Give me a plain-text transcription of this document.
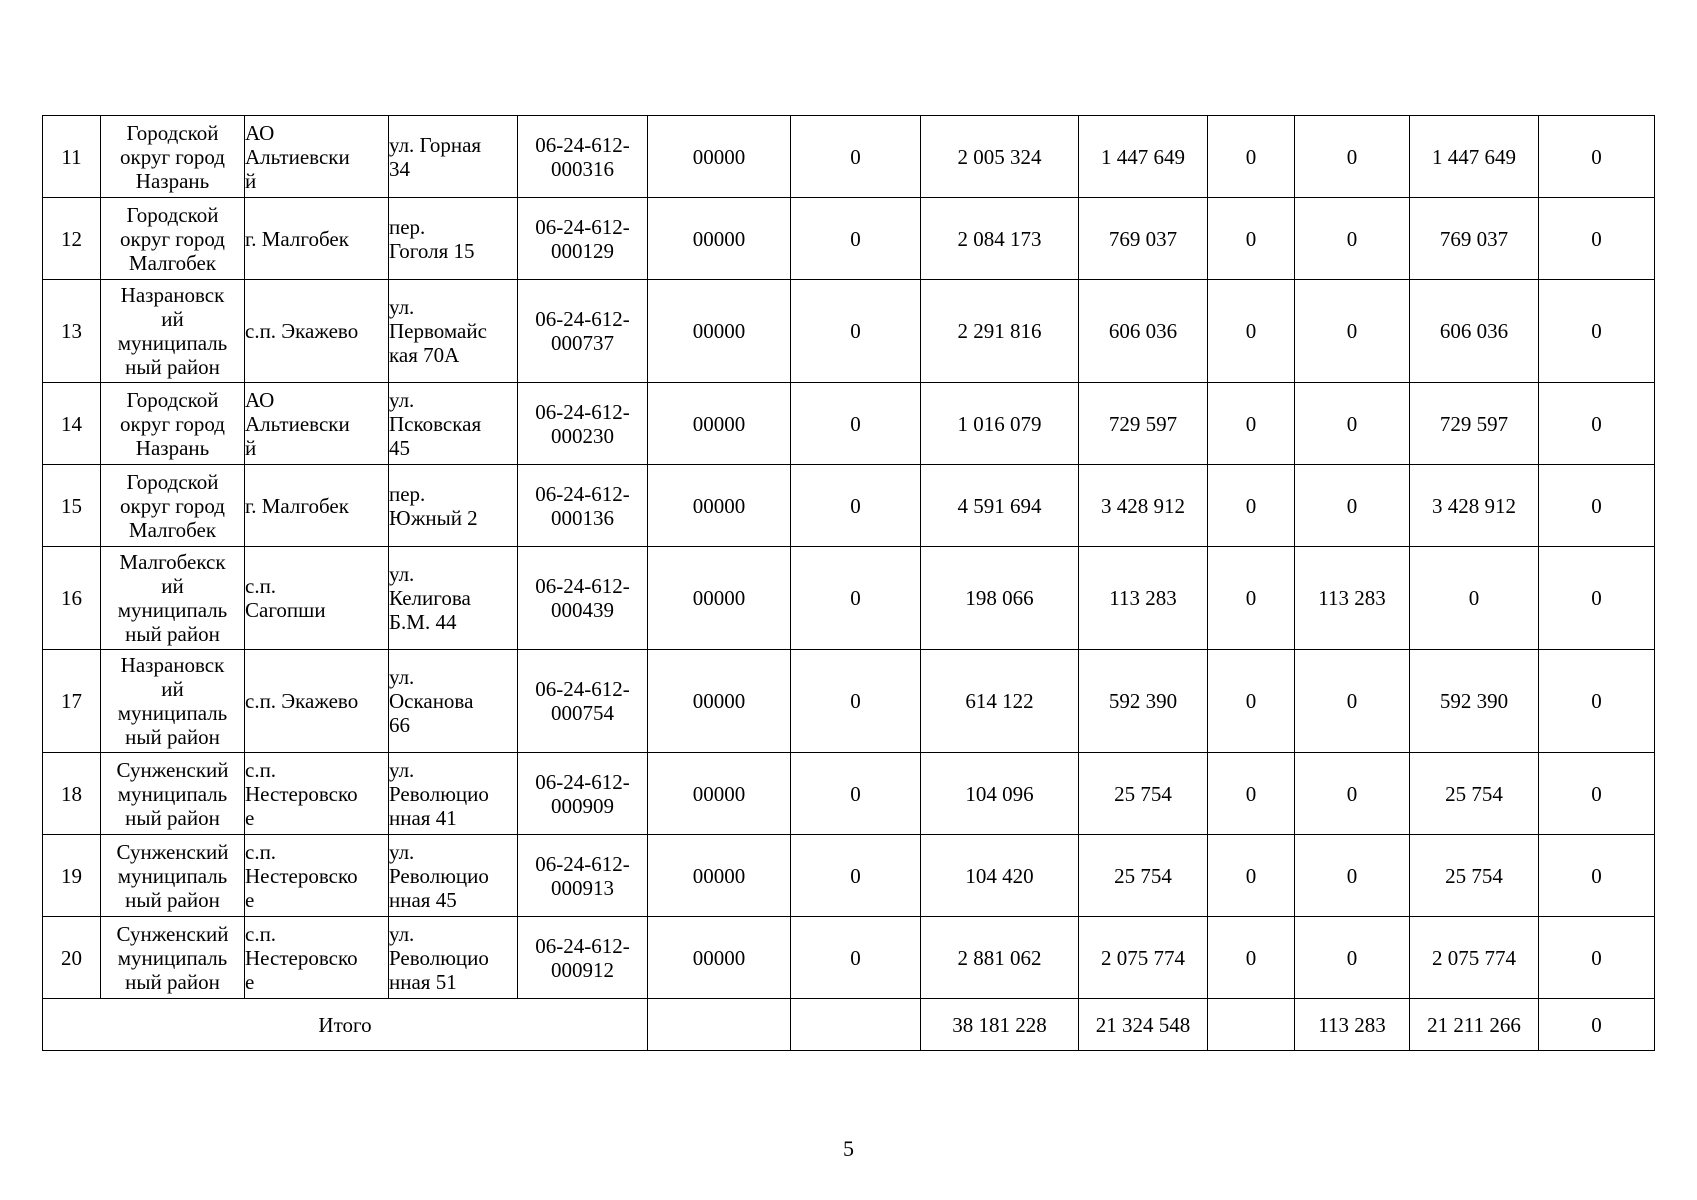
11	Городской
округ город
Назрань	АО
Альтиевски
й	ул. Горная
34	06-24-612-
000316	00000	0	2 005 324	1 447 649	0	0	1 447 649	0

12	Городской
округ город
Малгобек	г. Малгобек	пер.
Гоголя 15	06-24-612-
000129	00000	0	2 084 173	769 037	0	0	769 037	0

13	Назрановск
ий
муниципаль
ный район	с.п. Экажево	ул.
Первомайс
кая 70А	06-24-612-
000737	00000	0	2 291 816	606 036	0	0	606 036	0

14	Городской
округ город
Назрань	АО
Альтиевски
й	ул.
Псковская
45	06-24-612-
000230	00000	0	1 016 079	729 597	0	0	729 597	0

15	Городской
округ город
Малгобек	г. Малгобек	пер.
Южный 2	06-24-612-
000136	00000	0	4 591 694	3 428 912	0	0	3 428 912	0

16	Малгобекск
ий
муниципаль
ный район	с.п.
Сагопши	ул.
Келигова
Б.М. 44	06-24-612-
000439	00000	0	198 066	113 283	0	113 283	0	0

17	Назрановск
ий
муниципаль
ный район	с.п. Экажево	ул.
Осканова
66	06-24-612-
000754	00000	0	614 122	592 390	0	0	592 390	0

18	Сунженский
муниципаль
ный район	с.п.
Нестеровско
е	ул.
Революцио
нная 41	06-24-612-
000909	00000	0	104 096	25 754	0	0	25 754	0

19	Сунженский
муниципаль
ный район	с.п.
Нестеровско
е	ул.
Революцио
нная 45	06-24-612-
000913	00000	0	104 420	25 754	0	0	25 754	0

20	Сунженский
муниципаль
ный район	с.п.
Нестеровско
е	ул.
Революцио
нная 51	06-24-612-
000912	00000	0	2 881 062	2 075 774	0	0	2 075 774	0

Итого							38 181 228	21 324 548		113 283	21 211 266	0
5
